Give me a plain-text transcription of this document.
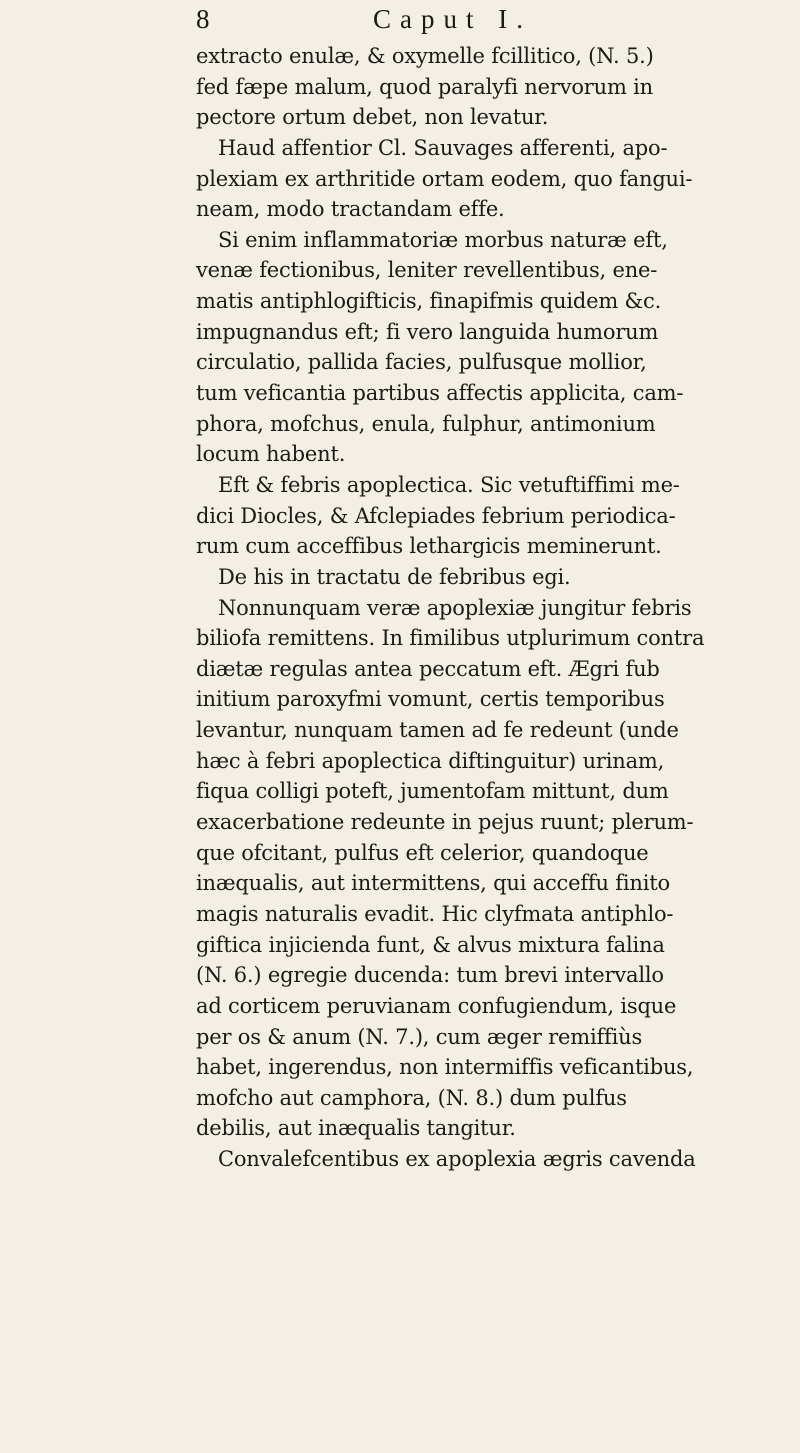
8	Caput I.
extracto enulæ, & oxymelle fcillitico, (N. 5.)
fed fæpe malum, quod paralyfi nervorum in
pectore ortum debet, non levatur.
Haud affentior Cl. Sauvages afferenti, apo-
plexiam ex arthritide ortam eodem, quo fangui-
neam, modo tractandam effe.
Si enim inflammatoriæ morbus naturæ eft,
venæ fectionibus, leniter revellentibus, ene-
matis antiphlogifticis, finapifmis quidem &c.
impugnandus eft; fi vero languida humorum
circulatio, pallida facies, pulfusque mollior,
tum veficantia partibus affectis applicita, cam-
phora, mofchus, enula, fulphur, antimonium
locum habent.
Eft & febris apoplectica. Sic vetuftiffimi me-
dici Diocles, & Afclepiades febrium periodica-
rum cum acceffibus lethargicis meminerunt.
De his in tractatu de febribus egi.
Nonnunquam veræ apoplexiæ jungitur febris
biliofa remittens. In fimilibus utplurimum contra
diætæ regulas antea peccatum eft. Ægri fub
initium paroxyfmi vomunt, certis temporibus
levantur, nunquam tamen ad fe redeunt (unde
hæc à febri apoplectica diftinguitur) urinam,
fiqua colligi poteft, jumentofam mittunt, dum
exacerbatione redeunte in pejus ruunt; plerum-
que ofcitant, pulfus eft celerior, quandoque
inæqualis, aut intermittens, qui acceffu finito
magis naturalis evadit. Hic clyfmata antiphlo-
giftica injicienda funt, & alvus mixtura falina
(N. 6.) egregie ducenda: tum brevi intervallo
ad corticem peruvianam confugiendum, isque
per os & anum (N. 7.), cum æger remiffiùs
habet, ingerendus, non intermiffis veficantibus,
mofcho aut camphora, (N. 8.) dum pulfus
debilis, aut inæqualis tangitur.
Convalefcentibus ex apoplexia ægris cavenda
